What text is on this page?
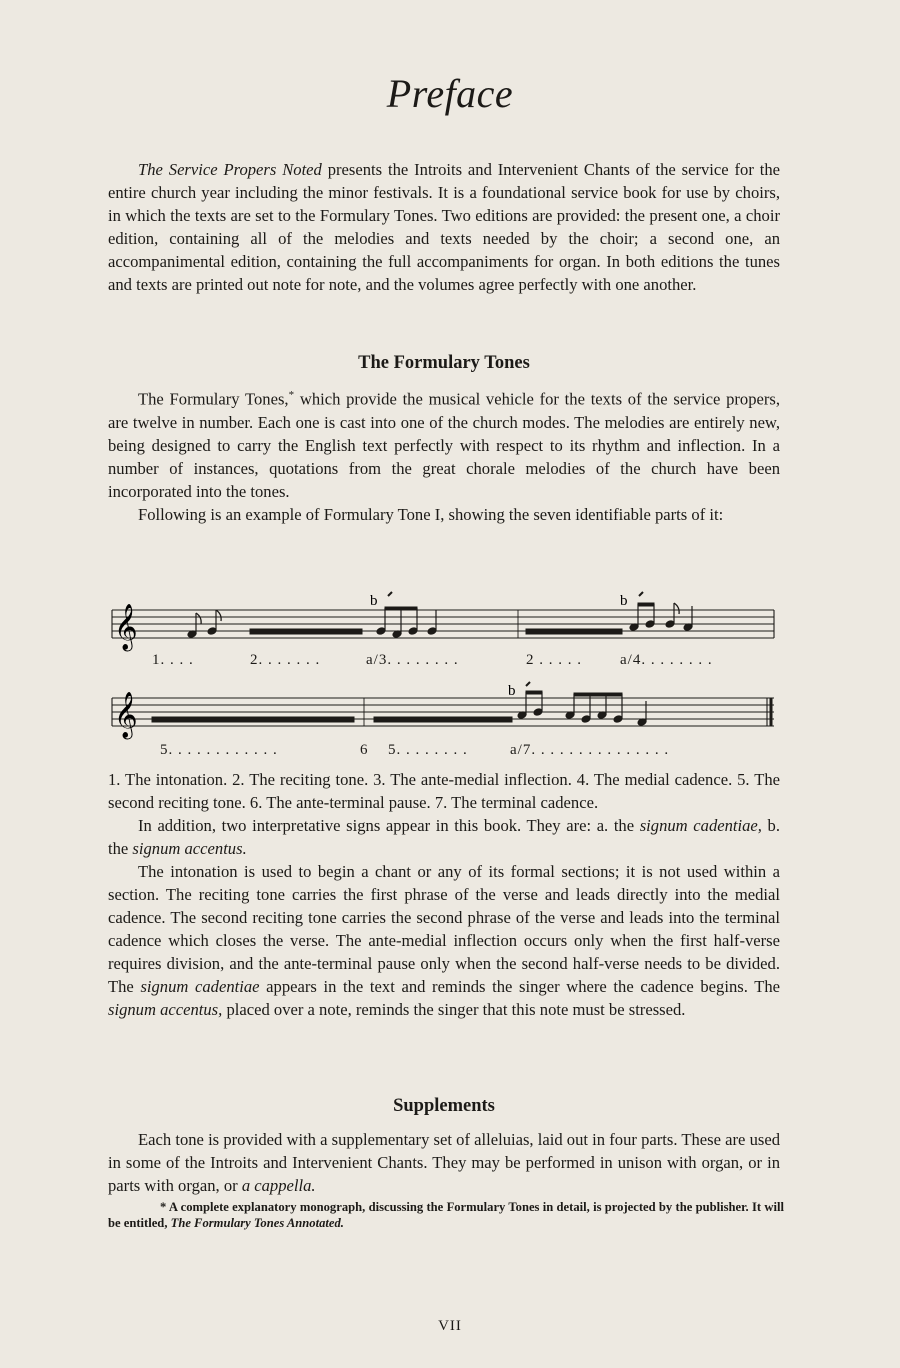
Preface

The Service Propers Noted presents the Introits and Intervenient Chants of the service for the entire church year including the minor festivals. It is a foundational service book for use by choirs, in which the texts are set to the Formulary Tones. Two editions are provided: the present one, a choir edition, containing all of the melodies and texts needed by the choir; a second one, an accompanimental edition, containing the full accompaniments for organ. In both editions the tunes and texts are printed out note for note, and the volumes agree perfectly with one another.

The Formulary Tones

The Formulary Tones,* which provide the musical vehicle for the texts of the service propers, are twelve in number. Each one is cast into one of the church modes. The melodies are entirely new, being designed to carry the English text perfectly with respect to its rhythm and inflection. In a number of instances, quotations from the great chorale melodies of the church have been incorporated into the tones.

Following is an example of Formulary Tone I, showing the seven identifiable parts of it:

𝄞
b	b
1. . . .	2. . . . . . .	a/3. . . . . . . .	2 . . . . .	a/4. . . . . . . .
𝄞
b
5. . . . . . . . . . . .	6 5. . . . . . . .	a/7. . . . . . . . . . . . . . .

1. The intonation. 2. The reciting tone. 3. The ante-medial inflection. 4. The medial cadence. 5. The second reciting tone. 6. The ante-terminal pause. 7. The terminal cadence.

In addition, two interpretative signs appear in this book. They are: a. the signum cadentiae, b. the signum accentus.

The intonation is used to begin a chant or any of its formal sections; it is not used within a section. The reciting tone carries the first phrase of the verse and leads directly into the medial cadence. The second reciting tone carries the second phrase of the verse and leads into the terminal cadence which closes the verse. The ante-medial inflection occurs only when the first half-verse requires division, and the ante-terminal pause only when the second half-verse needs to be divided. The signum cadentiae appears in the text and reminds the singer where the cadence begins. The signum accentus, placed over a note, reminds the singer that this note must be stressed.

Supplements

Each tone is provided with a supplementary set of alleluias, laid out in four parts. These are used in some of the Introits and Intervenient Chants. They may be performed in unison with organ, or in parts with organ, or a cappella.

* A complete explanatory monograph, discussing the Formulary Tones in detail, is projected by the publisher. It will be entitled, The Formulary Tones Annotated.
VII
